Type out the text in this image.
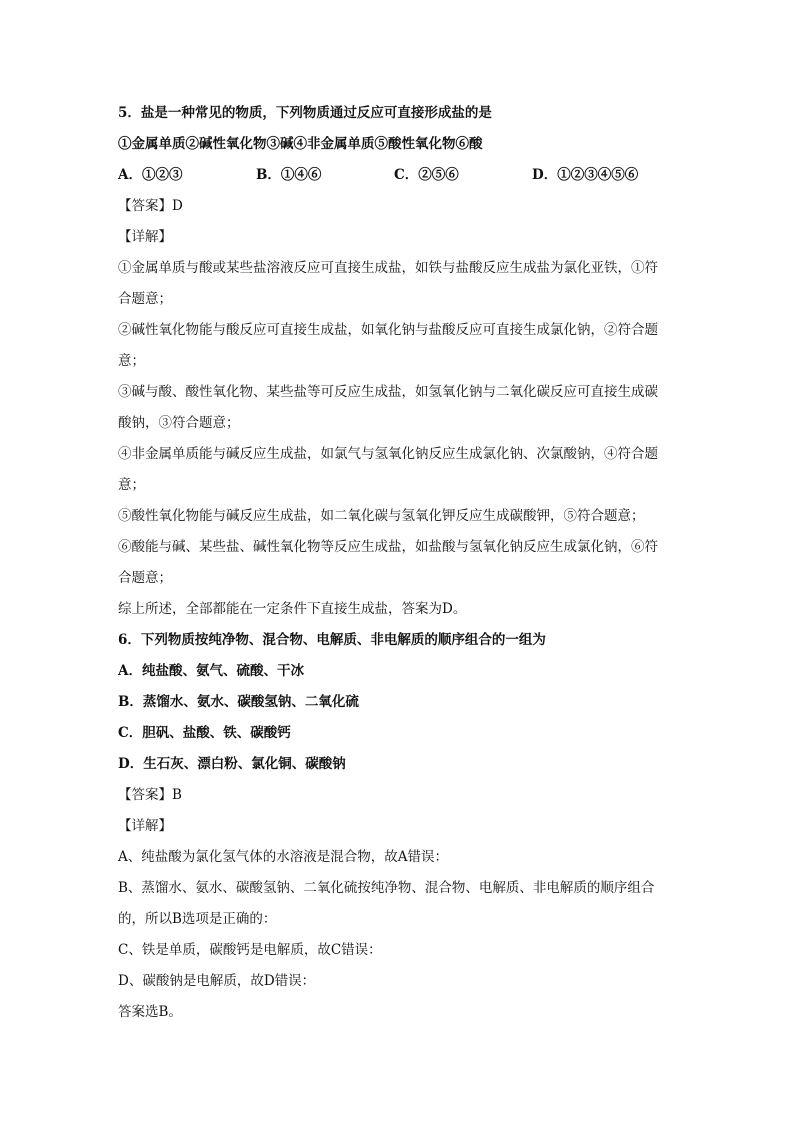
5．盐是一种常见的物质，下列物质通过反应可直接形成盐的是
①金属单质②碱性氧化物③碱④非金属单质⑤酸性氧化物⑥酸
A．①②③	B．①④⑥	C．②⑤⑥	D．①②③④⑤⑥
【答案】D
【详解】
①金属单质与酸或某些盐溶液反应可直接生成盐，如铁与盐酸反应生成盐为氯化亚铁，①符
合题意；
②碱性氧化物能与酸反应可直接生成盐，如氧化钠与盐酸反应可直接生成氯化钠，②符合题
意；
③碱与酸、酸性氧化物、某些盐等可反应生成盐，如氢氧化钠与二氧化碳反应可直接生成碳
酸钠，③符合题意；
④非金属单质能与碱反应生成盐，如氯气与氢氧化钠反应生成氯化钠、次氯酸钠，④符合题
意；
⑤酸性氧化物能与碱反应生成盐，如二氧化碳与氢氧化钾反应生成碳酸钾，⑤符合题意；
⑥酸能与碱、某些盐、碱性氧化物等反应生成盐，如盐酸与氢氧化钠反应生成氯化钠，⑥符
合题意；
综上所述，全部都能在一定条件下直接生成盐，答案为D。
6．下列物质按纯净物、混合物、电解质、非电解质的顺序组合的一组为
A．纯盐酸、氨气、硫酸、干冰
B．蒸馏水、氨水、碳酸氢钠、二氧化硫
C．胆矾、盐酸、铁、碳酸钙
D．生石灰、漂白粉、氯化铜、碳酸钠
【答案】B
【详解】
A、纯盐酸为氯化氢气体的水溶液是混合物，故A错误：
B、蒸馏水、氨水、碳酸氢钠、二氧化硫按纯净物、混合物、电解质、非电解质的顺序组合
的，所以B选项是正确的：
C、铁是单质，碳酸钙是电解质，故C错误：
D、碳酸钠是电解质，故D错误：
答案选B。
